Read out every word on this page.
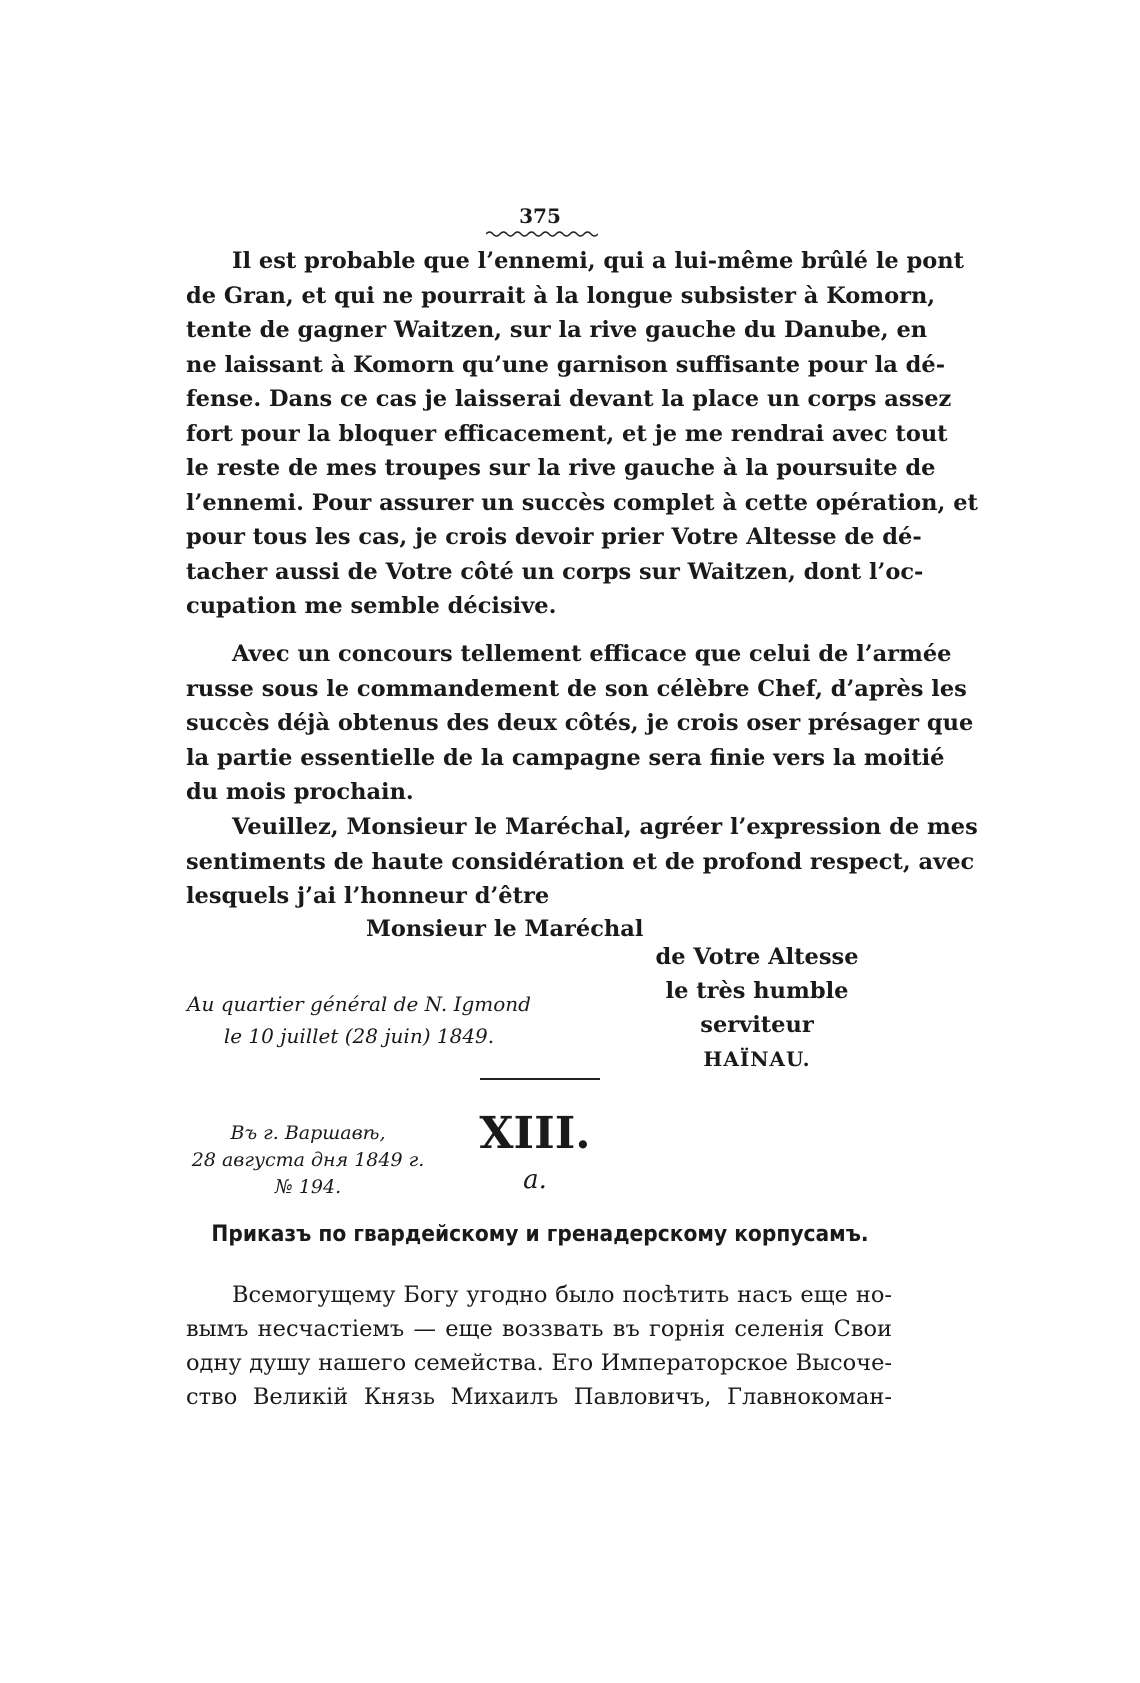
375
Il est probable que l’ennemi, qui a lui-même brûlé le pont
de Gran, et qui ne pourrait à la longue subsister à Komorn,
tente de gagner Waitzen, sur la rive gauche du Danube, en
ne laissant à Komorn qu’une garnison suffisante pour la dé-
fense. Dans ce cas je laisserai devant la place un corps assez
fort pour la bloquer efficacement, et je me rendrai avec tout
le reste de mes troupes sur la rive gauche à la poursuite de
l’ennemi. Pour assurer un succès complet à cette opération, et
pour tous les cas, je crois devoir prier Votre Altesse de dé-
tacher aussi de Votre côté un corps sur Waitzen, dont l’oc-
cupation me semble décisive.
Avec un concours tellement efficace que celui de l’armée
russe sous le commandement de son célèbre Chef, d’après les
succès déjà obtenus des deux côtés, je crois oser présager que
la partie essentielle de la campagne sera finie vers la moitié
du mois prochain.
Veuillez, Monsieur le Maréchal, agréer l’expression de mes
sentiments de haute considération et de profond respect, avec
lesquels j’ai l’honneur d’être
Monsieur le Maréchal
de Votre Altesse
le très humble serviteur
HAÏNAU.
Au quartier général de N. Igmond
le 10 juillet (28 juin) 1849.
Въ г. Варшавѣ,
28 августа дня 1849 г.
№ 194.
XIII.
a.
Приказъ по гвардейскому и гренадерскому корпусамъ.
Всемогущему Богу угодно было посѣтить насъ еще но-
вымъ несчастіемъ — еще воззвать въ горнія селенія Свои
одну душу нашего семейства. Его Императорское Высоче-
ство Великій Князь Михаилъ Павловичъ, Главнокоман-
